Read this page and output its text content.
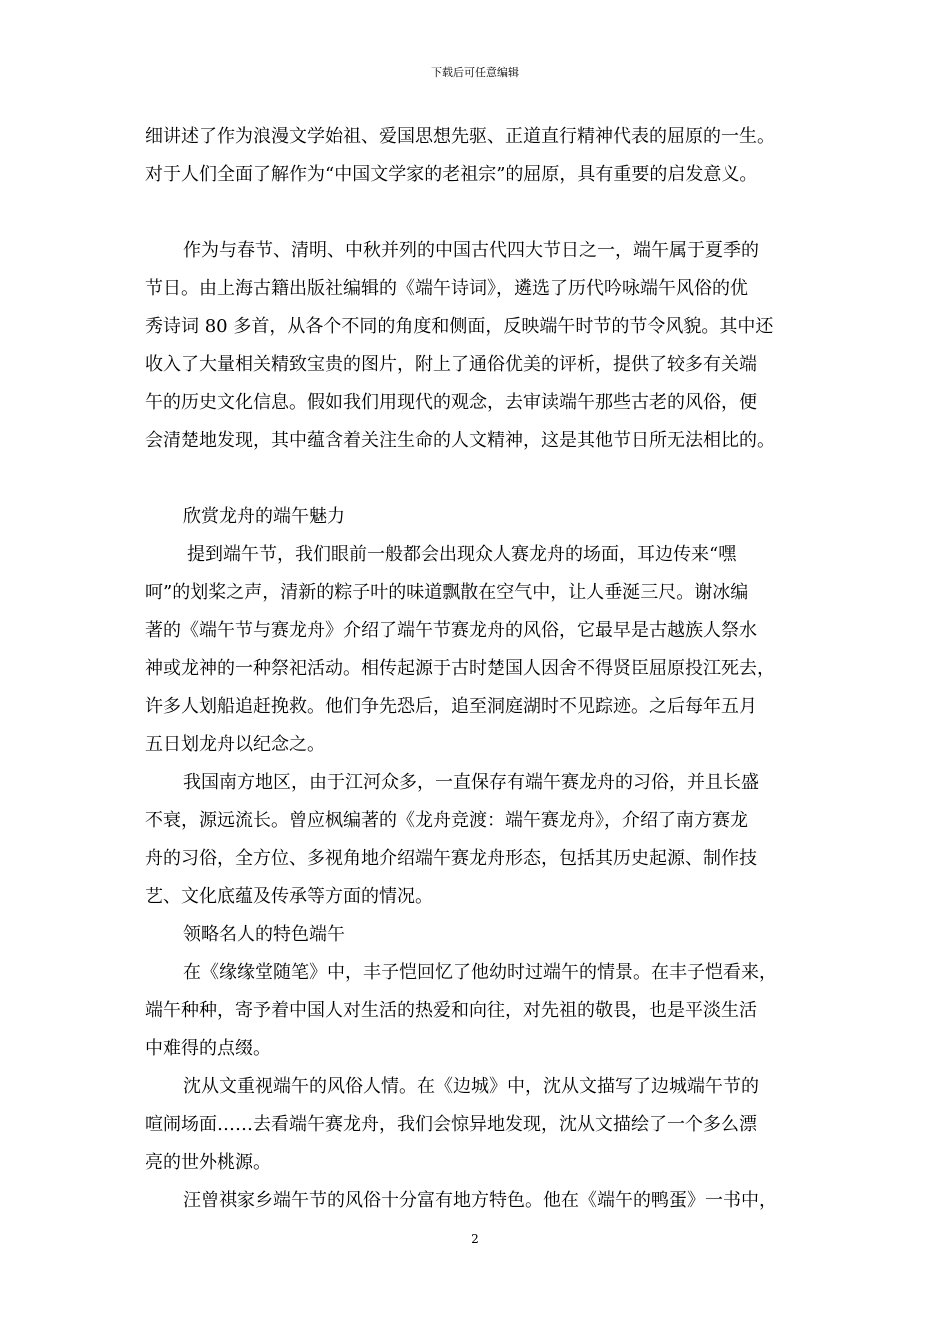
下载后可任意编辑
细讲述了作为浪漫文学始祖、爱国思想先驱、正道直行精神代表的屈原的一生。
对于人们全面了解作为“中国文学家的老祖宗”的屈原，具有重要的启发意义。
作为与春节、清明、中秋并列的中国古代四大节日之一，端午属于夏季的
节日。由上海古籍出版社编辑的《端午诗词》，遴选了历代吟咏端午风俗的优
秀诗词 80 多首，从各个不同的角度和侧面，反映端午时节的节令风貌。其中还
收入了大量相关精致宝贵的图片，附上了通俗优美的评析，提供了较多有关端
午的历史文化信息。假如我们用现代的观念，去审读端午那些古老的风俗，便
会清楚地发现，其中蕴含着关注生命的人文精神，这是其他节日所无法相比的。
欣赏龙舟的端午魅力
提到端午节，我们眼前一般都会出现众人赛龙舟的场面，耳边传来“嘿
呵”的划桨之声，清新的粽子叶的味道飘散在空气中，让人垂涎三尺。谢冰编
著的《端午节与赛龙舟》介绍了端午节赛龙舟的风俗，它最早是古越族人祭水
神或龙神的一种祭祀活动。相传起源于古时楚国人因舍不得贤臣屈原投江死去，
许多人划船追赶挽救。他们争先恐后，追至洞庭湖时不见踪迹。之后每年五月
五日划龙舟以纪念之。
我国南方地区，由于江河众多，一直保存有端午赛龙舟的习俗，并且长盛
不衰，源远流长。曾应枫编著的《龙舟竞渡：端午赛龙舟》，介绍了南方赛龙
舟的习俗，全方位、多视角地介绍端午赛龙舟形态，包括其历史起源、制作技
艺、文化底蕴及传承等方面的情况。
领略名人的特色端午
在《缘缘堂随笔》中，丰子恺回忆了他幼时过端午的情景。在丰子恺看来，
端午种种，寄予着中国人对生活的热爱和向往，对先祖的敬畏，也是平淡生活
中难得的点缀。
沈从文重视端午的风俗人情。在《边城》中，沈从文描写了边城端午节的
喧闹场面……去看端午赛龙舟，我们会惊异地发现，沈从文描绘了一个多么漂
亮的世外桃源。
汪曾祺家乡端午节的风俗十分富有地方特色。他在《端午的鸭蛋》一书中，
2
